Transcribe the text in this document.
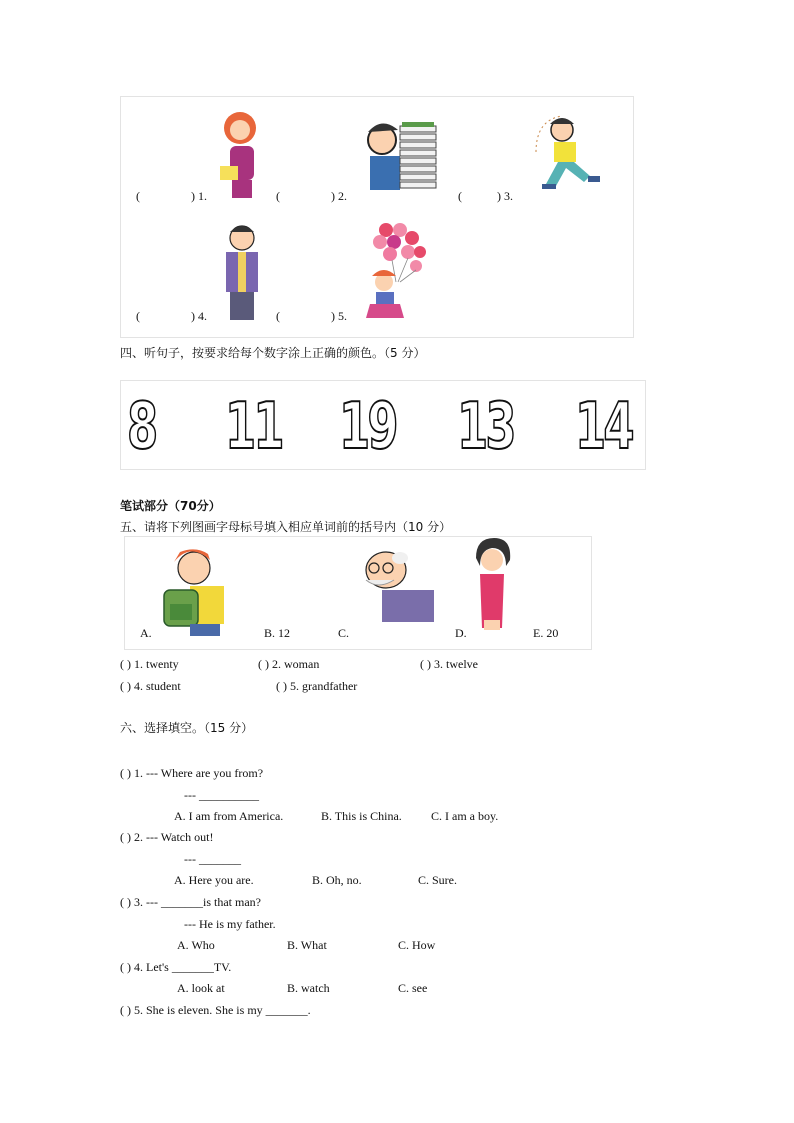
(	) 1.	(	) 2.	(	) 3.
(	) 4.	(	) 5.
四、听句子，按要求给每个数字涂上正确的颜色。（5 分）
8 11 19 13 14
笔试部分（70分）
五、请将下列图画字母标号填入相应单词前的括号内（10 分）
A.	B. 12	C.	D.	E. 20
( ) 1. twenty	( ) 2. woman	( ) 3. twelve
( ) 4. student	( ) 5. grandfather
六、选择填空。（15 分）
( ) 1. --- Where are you from?
--- __________
A. I am from America.	B. This is China. C. I am a boy.
( ) 2. --- Watch out!
--- _______
A. Here you are.	B. Oh, no.	C. Sure.
( ) 3. --- _______is that man?
--- He is my father.
A. Who	B. What	C. How
( ) 4. Let's _______TV.
A. look at	B. watch	C. see
( ) 5. She is eleven. She is my _______.
